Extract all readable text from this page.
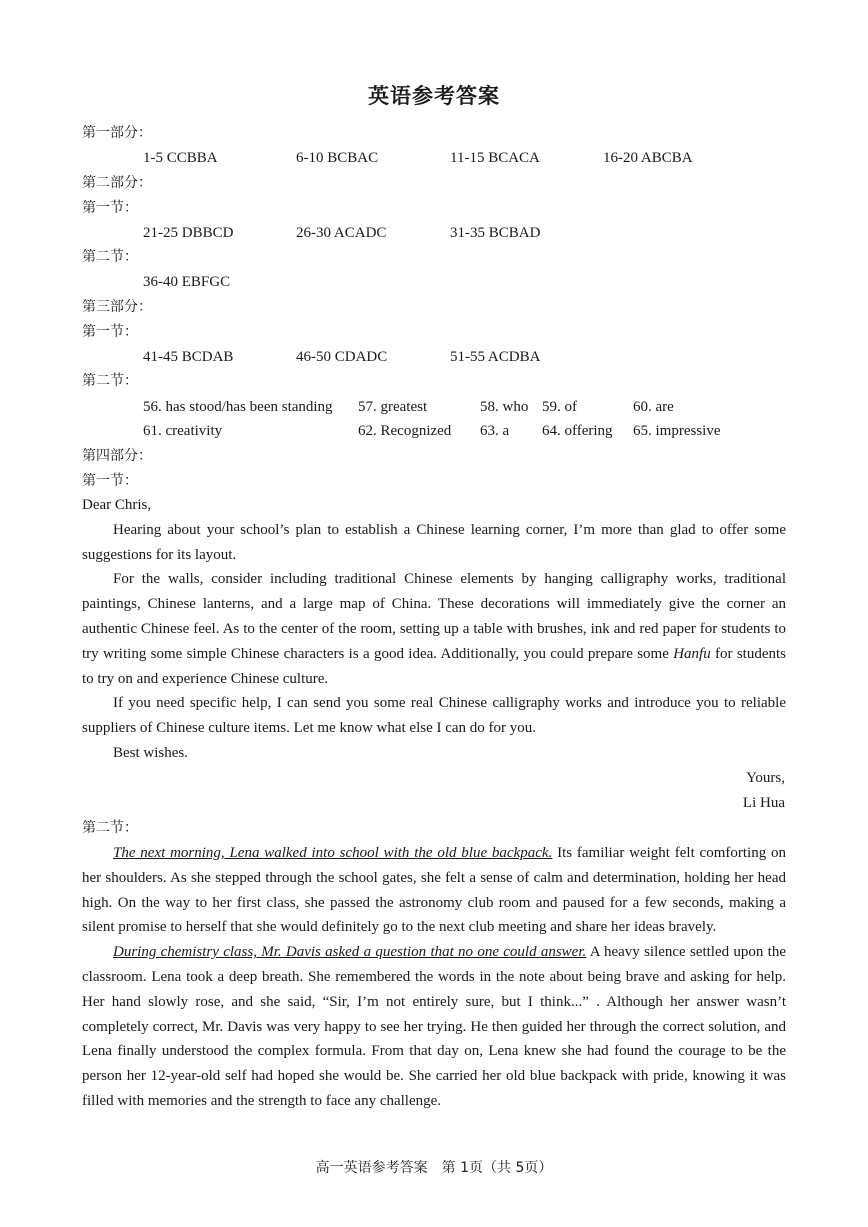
英语参考答案
第一部分：
1-5 CCBBA	6-10 BCBAC	11-15 BCACA	16-20 ABCBA
第二部分：
第一节：
21-25 DBBCD	26-30 ACADC	31-35 BCBAD
第二节：
36-40 EBFGC
第三部分：
第一节：
41-45 BCDAB	46-50 CDADC	51-55 ACDBA
第二节：
56. has stood/has been standing 57. greatest	58. who 59. of	60. are
61. creativity	62. Recognized 63. a 64. offering 65. impressive
第四部分：
第一节：

Dear Chris,

Hearing about your school’s plan to establish a Chinese learning corner, I’m more than glad to offer some suggestions for its layout.

For the walls, consider including traditional Chinese elements by hanging calligraphy works, traditional paintings, Chinese lanterns, and a large map of China. These decorations will immediately give the corner an authentic Chinese feel. As to the center of the room, setting up a table with brushes, ink and red paper for students to try writing some simple Chinese characters is a good idea. Additionally, you could prepare some Hanfu for students to try on and experience Chinese culture.

If you need specific help, I can send you some real Chinese calligraphy works and introduce you to reliable suppliers of Chinese culture items. Let me know what else I can do for you.

Best wishes.

Yours,
Li Hua
第二节：

The next morning, Lena walked into school with the old blue backpack. Its familiar weight felt comforting on her shoulders. As she stepped through the school gates, she felt a sense of calm and determination, holding her head high. On the way to her first class, she passed the astronomy club room and paused for a few seconds, making a silent promise to herself that she would definitely go to the next club meeting and share her ideas bravely.

During chemistry class, Mr. Davis asked a question that no one could answer. A heavy silence settled upon the classroom. Lena took a deep breath. She remembered the words in the note about being brave and asking for help. Her hand slowly rose, and she said, “Sir, I’m not entirely sure, but I think...” . Although her answer wasn’t completely correct, Mr. Davis was very happy to see her trying. He then guided her through the correct solution, and Lena finally understood the complex formula. From that day on, Lena knew she had found the courage to be the person her 12-year-old self had hoped she would be. She carried her old blue backpack with pride, knowing it was filled with memories and the strength to face any challenge.

高一英语参考答案　第 1页（共 5页）
